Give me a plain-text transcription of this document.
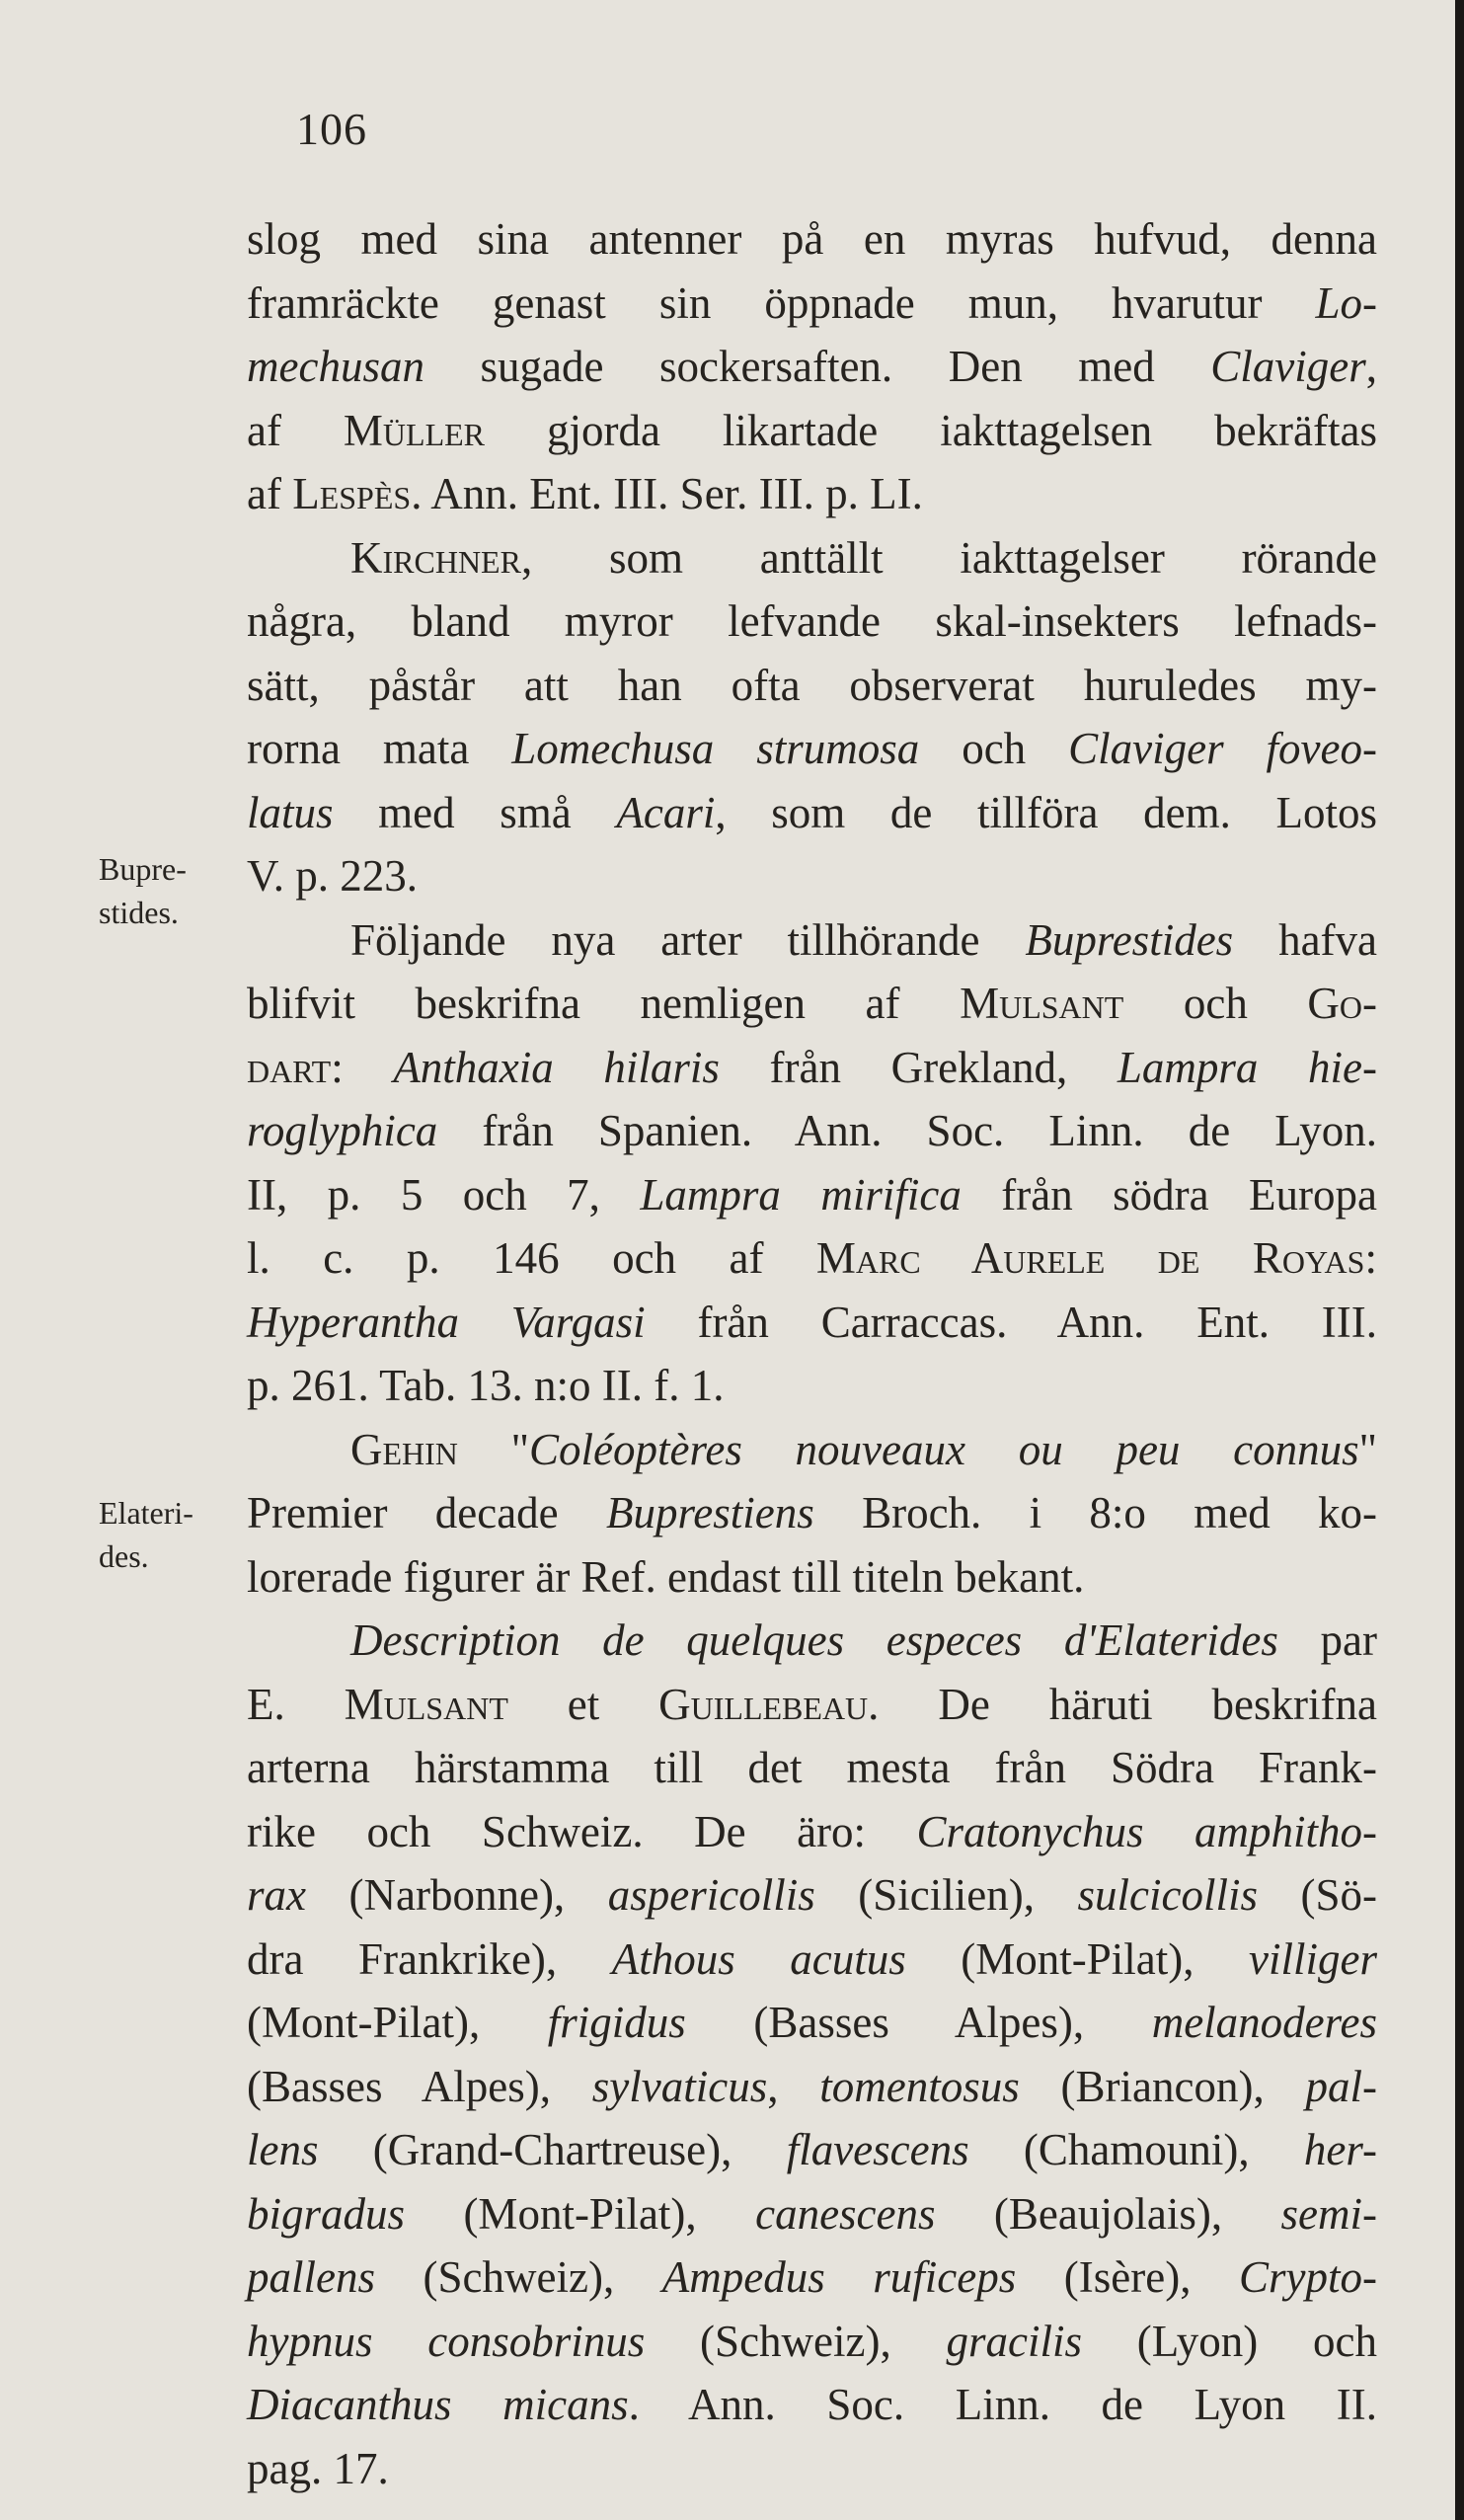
106
Bupre-
stides.
Elateri-
des.
slog med sina antenner på en myras hufvud, denna
framräckte genast sin öppnade mun, hvarutur Lo-
mechusan sugade sockersaften. Den med Claviger,
af Müller gjorda likartade iakttagelsen bekräftas
af Lespès. Ann. Ent. III. Ser. III. p. LI.
Kirchner, som anttällt iakttagelser rörande
några, bland myror lefvande skal-insekters lefnads-
sätt, påstår att han ofta observerat huruledes my-
rorna mata Lomechusa strumosa och Claviger foveo-
latus med små Acari, som de tillföra dem. Lotos
V. p. 223.
Följande nya arter tillhörande Buprestides hafva
blifvit beskrifna nemligen af Mulsant och Go-
dart: Anthaxia hilaris från Grekland, Lampra hie-
roglyphica från Spanien. Ann. Soc. Linn. de Lyon.
II, p. 5 och 7, Lampra mirifica från södra Europa
l. c. p. 146 och af Marc Aurele de Royas:
Hyperantha Vargasi från Carraccas. Ann. Ent. III.
p. 261. Tab. 13. n:o II. f. 1.
Gehin "Coléoptères nouveaux ou peu connus"
Premier decade Buprestiens Broch. i 8:o med ko-
lorerade figurer är Ref. endast till titeln bekant.
Description de quelques especes d'Elaterides par
E. Mulsant et Guillebeau. De häruti beskrifna
arterna härstamma till det mesta från Södra Frank-
rike och Schweiz. De äro: Cratonychus amphitho-
rax (Narbonne), aspericollis (Sicilien), sulcicollis (Sö-
dra Frankrike), Athous acutus (Mont-Pilat), villiger
(Mont-Pilat), frigidus (Basses Alpes), melanoderes
(Basses Alpes), sylvaticus, tomentosus (Briancon), pal-
lens (Grand-Chartreuse), flavescens (Chamouni), her-
bigradus (Mont-Pilat), canescens (Beaujolais), semi-
pallens (Schweiz), Ampedus ruficeps (Isère), Crypto-
hypnus consobrinus (Schweiz), gracilis (Lyon) och
Diacanthus micans. Ann. Soc. Linn. de Lyon II.
pag. 17.
